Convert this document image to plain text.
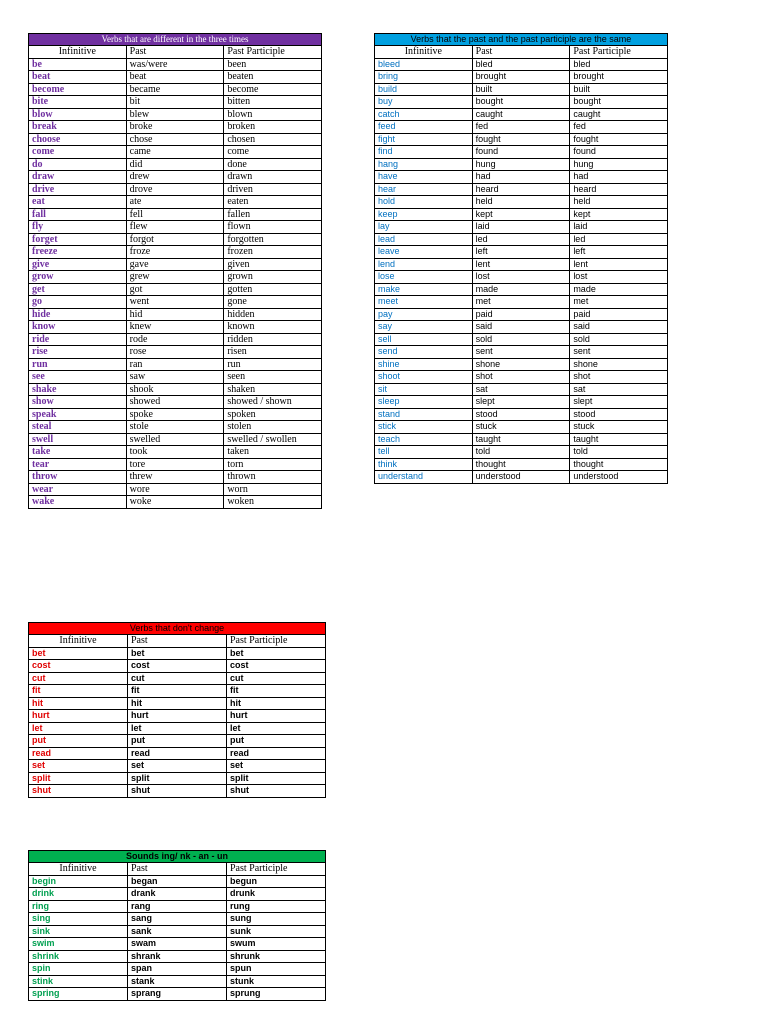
Verbs that are different in the three times		
Infinitive	Past	Past Participle
be	was/were	been
beat	beat	beaten
become	became	become
bite	bit	bitten
blow	blew	blown
break	broke	broken
choose	chose	chosen
come	came	come
do	did	done
draw	drew	drawn
drive	drove	driven
eat	ate	eaten
fall	fell	fallen
fly	flew	flown
forget	forgot	forgotten
freeze	froze	frozen
give	gave	given
grow	grew	grown
get	got	gotten
go	went	gone
hide	hid	hidden
know	knew	known
ride	rode	ridden
rise	rose	risen
run	ran	run
see	saw	seen
shake	shook	shaken
show	showed	showed / shown
speak	spoke	spoken
steal	stole	stolen
swell	swelled	swelled / swollen
take	took	taken
tear	tore	torn
throw	threw	thrown
wear	wore	worn
wake	woke	woken
Verbs that the past and the past participle are the same		
Infinitive	Past	Past Participle
bleed	bled	bled
bring	brought	brought
build	built	built
buy	bought	bought
catch	caught	caught
feed	fed	fed
fight	fought	fought
find	found	found
hang	hung	hung
have	had	had
hear	heard	heard
hold	held	held
keep	kept	kept
lay	laid	laid
lead	led	led
leave	left	left
lend	lent	lent
lose	lost	lost
make	made	made
meet	met	met
pay	paid	paid
say	said	said
sell	sold	sold
send	sent	sent
shine	shone	shone
shoot	shot	shot
sit	sat	sat
sleep	slept	slept
stand	stood	stood
stick	stuck	stuck
teach	taught	taught
tell	told	told
think	thought	thought
understand	understood	understood
Verbs that don't change		
Infinitive	Past	Past Participle
bet	bet	bet
cost	cost	cost
cut	cut	cut
fit	fit	fit
hit	hit	hit
hurt	hurt	hurt
let	let	let
put	put	put
read	read	read
set	set	set
split	split	split
shut	shut	shut
Sounds ing/ nk - an - un		
Infinitive	Past	Past Participle
begin	began	begun
drink	drank	drunk
ring	rang	rung
sing	sang	sung
sink	sank	sunk
swim	swam	swum
shrink	shrank	shrunk
spin	span	spun
stink	stank	stunk
spring	sprang	sprung
